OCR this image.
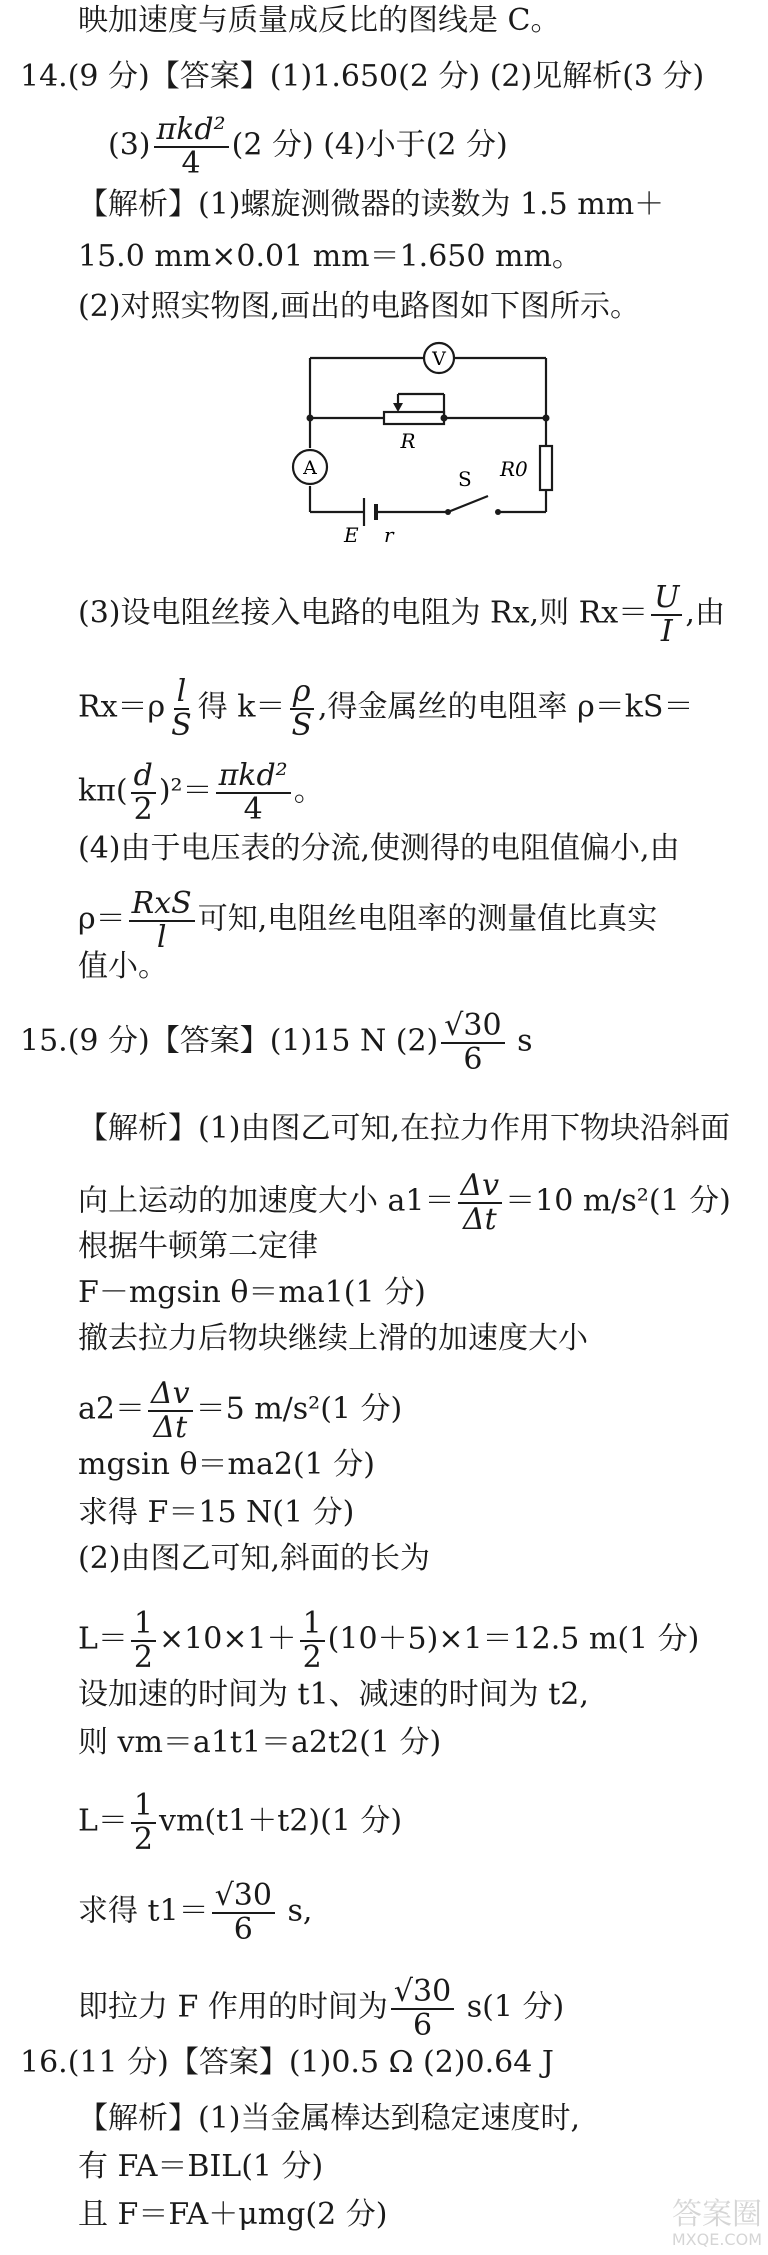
映加速度与质量成反比的图线是 C。
14.(9 分)【答案】(1)1.650(2 分) (2)见解析(3 分)
$(3) \frac{\text{πkd²}}{4} (2$ 分) (4)小于(2 分)
【解析】(1)螺旋测微器的读数为 1.5 mm＋
15.0 mm×0.01 mm＝1.650 mm。
(2)对照实物图,画出的电路图如下图所示。
V
A
R
R0
E r
S
(3)设电阻丝接入电路的电阻为 Rx,则 $Rx= \frac{U}{I}$ ,由
$Rx=\rho \frac{l}{S}$ 得 $k= \frac{\rho}{S}$ ,得金属丝的电阻率 ρ＝kS＝
$k\pi( \frac{d}{2} )^2= \frac{\text{πkd²}}{4}$ 。
(4)由于电压表的分流,使测得的电阻值偏小,由
$\rho= \frac{\text{RxS}}{l}$ 可知,电阻丝电阻率的测量值比真实
值小。
15.(9 分)【答案】(1)15 N $(2) \frac{√30}{6}$ s
【解析】(1)由图乙可知,在拉力作用下物块沿斜面
向上运动的加速度大小 $a1= \frac{\Delta v}{\Delta t} =10$ m/s²(1 分)
根据牛顿第二定律
F－mgsin θ＝ma1(1 分)
撤去拉力后物块继续上滑的加速度大小
$a2= \frac{\Delta v}{\Delta t} =5$ m/s²(1 分)
mgsin θ＝ma2(1 分)
求得 F＝15 N(1 分)
(2)由图乙可知,斜面的长为
$L= \frac{1}{2} \times 10\times 1+ \frac{1}{2} (10+5)\times 1=12.5$ m(1 分)
设加速的时间为 t1、减速的时间为 t2,
则 vm＝a1t1＝a2t2(1 分)
$L= \frac{1}{2} vm(t1+t2)(1$ 分)
求得 $t1= \frac{√30}{6} s$,
即拉力 F 作用的时间为 $\frac{√30}{6} s(1$ 分)
16.(11 分)【答案】(1)0.5 Ω (2)0.64 J
【解析】(1)当金属棒达到稳定速度时,
有 FA＝BIL(1 分)
且 F＝FA＋μmg(2 分)	答案圈
MXQE.COM
